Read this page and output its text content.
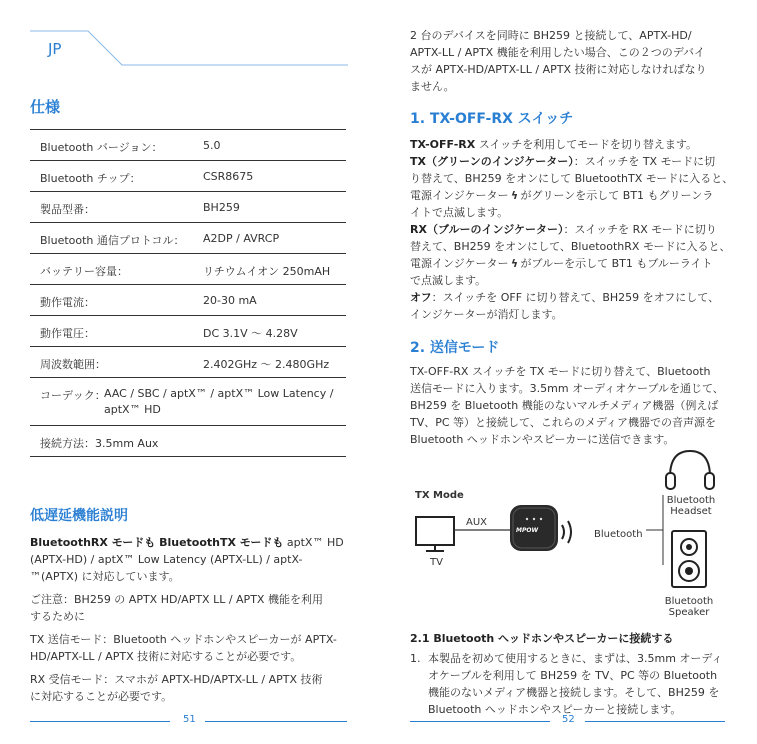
JP
仕様
Bluetooth バージョン：	5.0
Bluetooth チップ：	CSR8675
製品型番：	BH259
Bluetooth 通信プロトコル： A2DP / AVRCP
バッテリー容量：	リチウムイオン 250mAH
動作電流：	20-30 mA
動作電圧：	DC 3.1V ～ 4.28V
周波数範囲：	2.402GHz ～ 2.480GHz
コーデック：
AAC / SBC / aptX™ / aptX™ Low Latency /
aptX™ HD
接続方法：3.5mm Aux
低遅延機能説明
BluetoothRX モードも BluetoothTX モードも aptX™ HD
(APTX-HD) / aptX™ Low Latency (APTX-LL) / aptX-
™(APTX) に対応しています。
ご注意：BH259 の APTX HD/APTX LL / APTX 機能を利用
するために
TX 送信モード：Bluetooth ヘッドホンやスピーカーが APTX-
HD/APTX-LL / APTX 技術に対応することが必要です。
RX 受信モード：スマホが APTX-HD/APTX-LL / APTX 技術
に対応することが必要です。
51
2 台のデバイスを同時に BH259 と接続して、APTX-HD/
APTX-LL / APTX 機能を利用したい場合、この２つのデバイ
スが APTX-HD/APTX-LL / APTX 技術に対応しなければなり
ません。
1. TX-OFF-RX スイッチ
TX-OFF-RX スイッチを利用してモードを切り替えます。
TX（グリーンのインジケーター）：スイッチを TX モードに切
り替えて、BH259 をオンにして BluetoothTX モードに入ると、
電源インジケーター ϟ がグリーンを示して BT1 もグリーンラ
イトで点滅します。
RX（ブルーのインジケーター）：スイッチを RX モードに切り
替えて、BH259 をオンにして、BluetoothRX モードに入ると、
電源インジケーター ϟ がブルーを示して BT1 もブルーライト
で点滅します。
オフ：スイッチを OFF に切り替えて、BH259 をオフにして、
インジケーターが消灯します。
2. 送信モード
TX-OFF-RX スイッチを TX モードに切り替えて、Bluetooth
送信モードに入ります。3.5mm オーディオケーブルを通じて、
BH259 を Bluetooth 機能のないマルチメディア機器（例えば
TV、PC 等）と接続して、これらのメディア機器での音声源を
Bluetooth ヘッドホンやスピーカーに送信できます。
TX Mode
AUX
TV
MPOW	Bluetooth
Bluetooth
Headset
Bluetooth
Speaker
2.1 Bluetooth ヘッドホンやスピーカーに接続する
1. 本製品を初めて使用するときに、まずは、3.5mm オーディ
オケーブルを利用して BH259 を TV、PC 等の Bluetooth
機能のないメディア機器と接続します。そして、BH259 を
Bluetooth ヘッドホンやスピーカーと接続します。
52
